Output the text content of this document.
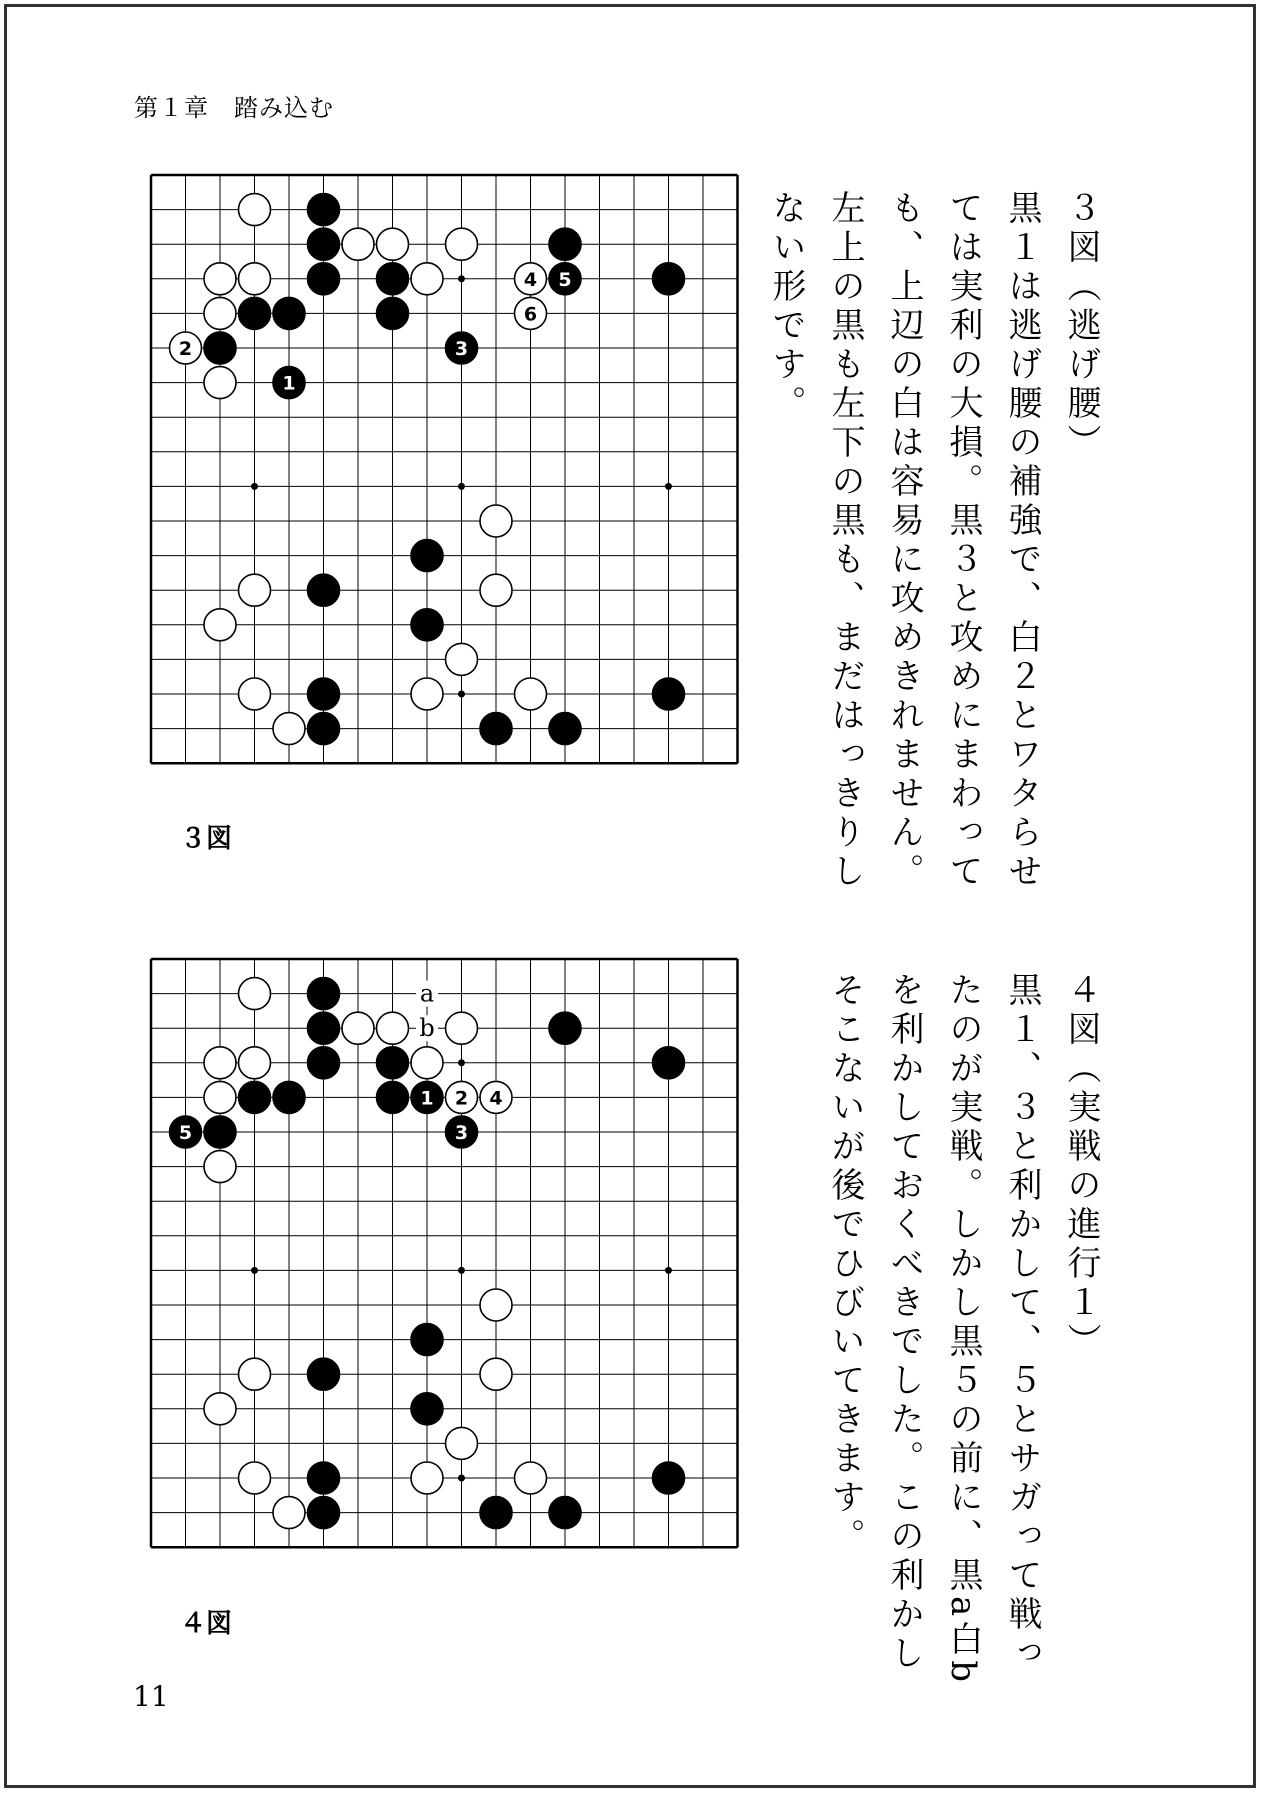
第１章　踏み込む
4 5
6
2	3
1
３図
３図（逃げ腰）
黒１は逃げ腰の補強で、白２とワタらせては実利の大損。黒３と攻めにまわっても、上辺の白は容易に攻めきれません。左上の黒も左下の黒も、まだはっきりしない形です。
a
b
1 2 4
5	3
４図
４図（実戦の進行１）
黒１、３と利かして、５とサガって戦ったのが実戦。しかし黒５の前に、黒a白bを利かしておくべきでした。この利かしそこないが後でひびいてきます。
11
